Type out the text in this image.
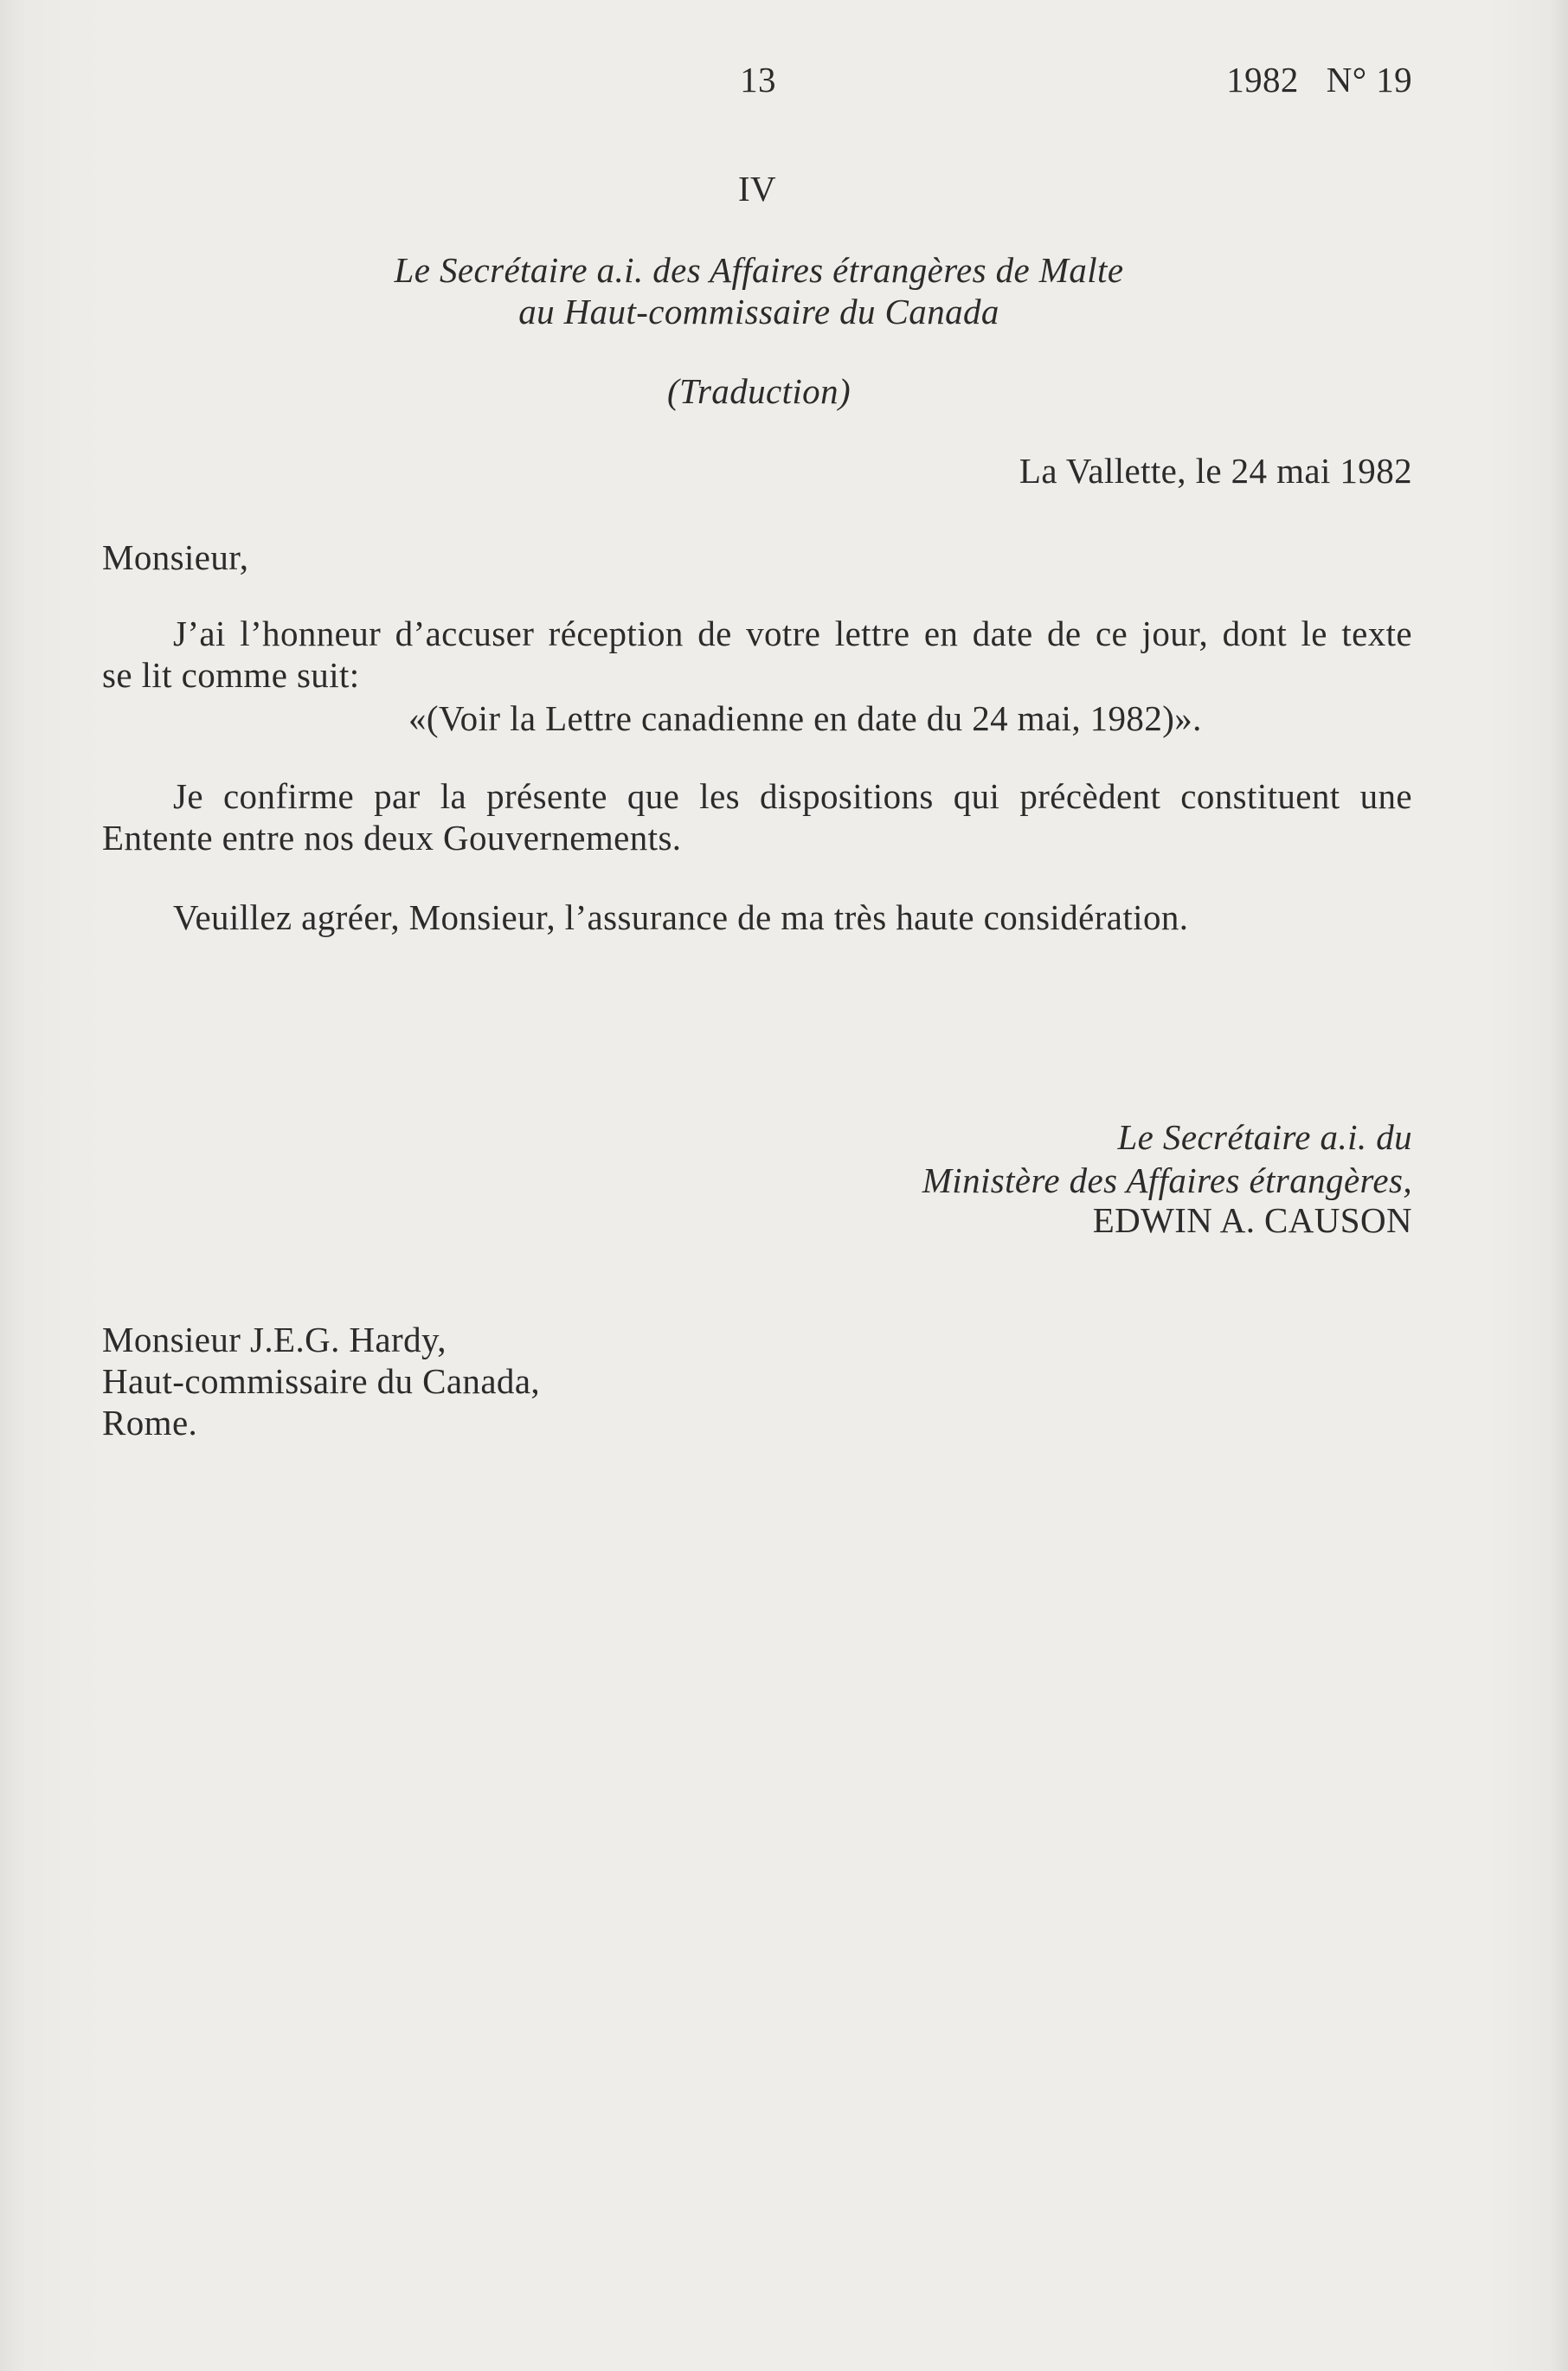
13	1982   N° 19
IV
Le Secrétaire a.i. des Affaires étrangères de Malte
au Haut-commissaire du Canada
(Traduction)
La Vallette, le 24 mai 1982
Monsieur,
J’ai l’honneur d’accuser réception de votre lettre en date de ce jour, dont le texte
se lit comme suit:
«(Voir la Lettre canadienne en date du 24 mai, 1982)».
Je confirme par la présente que les dispositions qui précèdent constituent une
Entente entre nos deux Gouvernements.
Veuillez agréer, Monsieur, l’assurance de ma très haute considération.
Le Secrétaire a.i. du
Ministère des Affaires étrangères,
EDWIN A. CAUSON
Monsieur J.E.G. Hardy,
Haut-commissaire du Canada,
Rome.
